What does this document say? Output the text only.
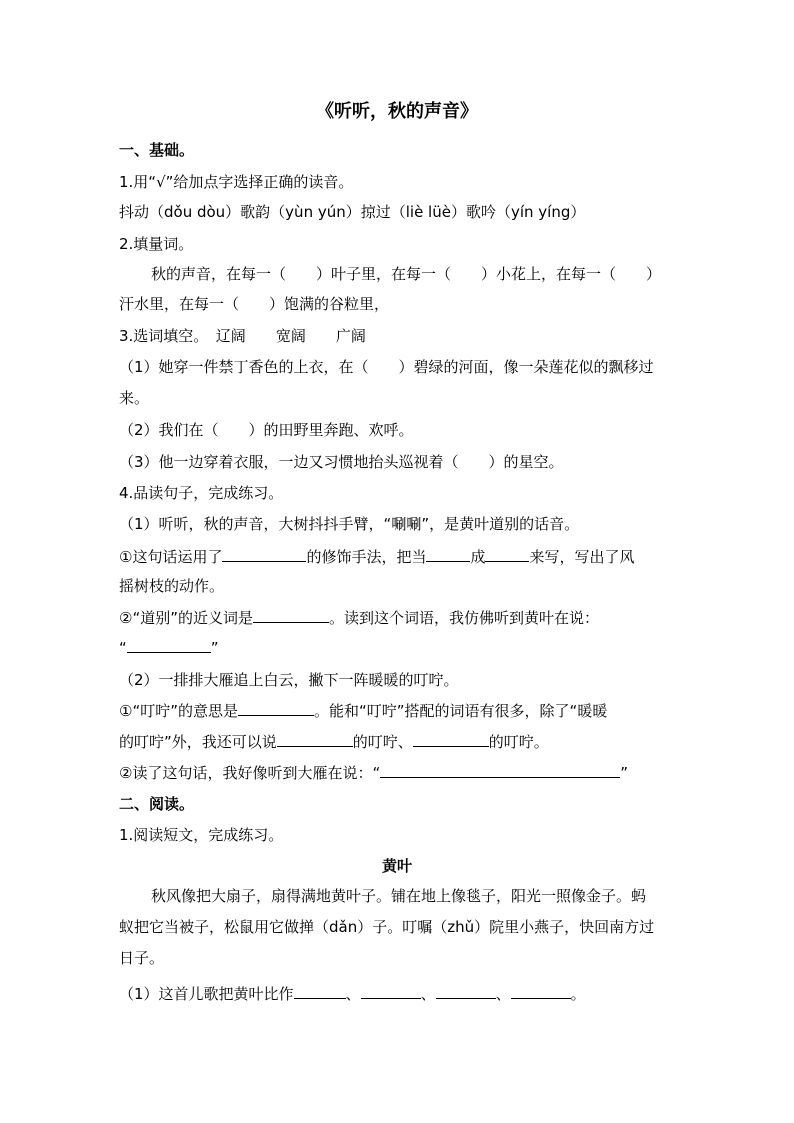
《听听，秋的声音》
一、基础。
1.用“√”给加点字选择正确的读音。
抖动（dǒu dòu）歌韵（yùn yún）掠过（liè lüè）歌吟（yín yíng）
2.填量词。
秋的声音，在每一（　　）叶子里，在每一（　　）小花上，在每一（　　）
汗水里，在每一（　　）饱满的谷粒里，
3.选词填空。　辽阔　　宽阔　　广阔
（1）她穿一件禁丁香色的上衣，在（　　）碧绿的河面，像一朵莲花似的飘移过
来。
（2）我们在（　　）的田野里奔跑、欢呼。
（3）他一边穿着衣服，一边又习惯地抬头巡视着（　　）的星空。
4.品读句子，完成练习。
（1）听听，秋的声音，大树抖抖手臂，“唰唰”，是黄叶道别的话音。
①这句话运用了	的修饰手法，把当	成	来写，写出了风
摇树枝的动作。
②“道别”的近义词是	。读到这个词语，我仿佛听到黄叶在说：
“	”
（2）一排排大雁追上白云，撇下一阵暖暖的叮咛。
①“叮咛”的意思是	。能和“叮咛”搭配的词语有很多，除了“暖暖
的叮咛”外，我还可以说	的叮咛、	的叮咛。
②读了这句话，我好像听到大雁在说：“	”
二、阅读。
1.阅读短文，完成练习。
黄叶
秋风像把大扇子，扇得满地黄叶子。铺在地上像毯子，阳光一照像金子。蚂
蚁把它当被子，松鼠用它做掸（dǎn）子。叮嘱（zhǔ）院里小燕子，快回南方过
日子。
（1）这首儿歌把黄叶比作	、	、	、	。
